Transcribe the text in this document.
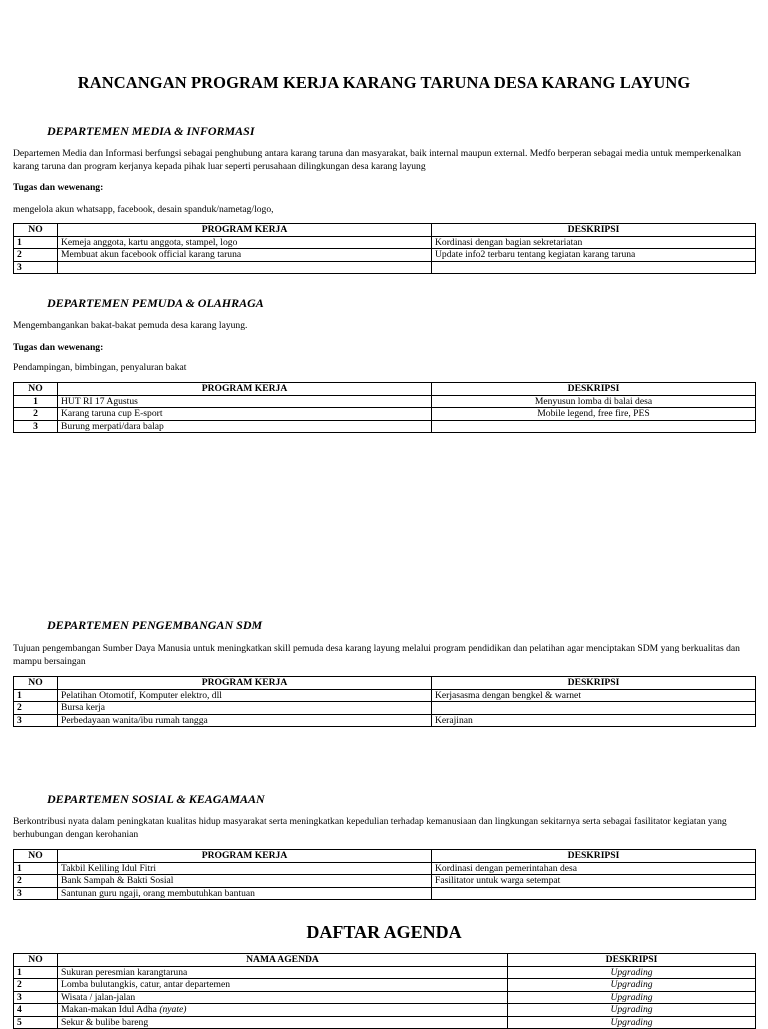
RANCANGAN PROGRAM KERJA KARANG TARUNA DESA KARANG LAYUNG
DEPARTEMEN MEDIA & INFORMASI
Departemen Media dan Informasi berfungsi sebagai penghubung antara karang taruna dan masyarakat, baik internal maupun external. Medfo berperan sebagai media untuk memperkenalkan karang taruna dan program kerjanya kepada pihak luar seperti perusahaan dilingkungan desa karang layung
Tugas dan wewenang:
mengelola akun whatsapp, facebook, desain spanduk/nametag/logo,
NO	PROGRAM KERJA	DESKRIPSI
1	Kemeja anggota, kartu anggota, stampel, logo	Kordinasi dengan bagian sekretariatan
2	Membuat akun facebook official karang taruna	Update info2 terbaru tentang kegiatan karang taruna
3		
DEPARTEMEN PEMUDA & OLAHRAGA
Mengembangankan bakat-bakat pemuda desa karang layung.
Tugas dan wewenang:
Pendampingan, bimbingan, penyaluran bakat
NO	PROGRAM KERJA	DESKRIPSI
1	HUT RI 17 Agustus	Menyusun lomba di balai desa
2	Karang taruna cup E-sport	Mobile legend, free fire, PES
3	Burung merpati/dara balap	
DEPARTEMEN PENGEMBANGAN SDM
Tujuan pengembangan Sumber Daya Manusia untuk meningkatkan skill pemuda desa karang layung melalui program pendidikan dan pelatihan agar menciptakan SDM yang berkualitas dan mampu bersaingan
NO	PROGRAM KERJA	DESKRIPSI
1	Pelatihan Otomotif, Komputer elektro, dll	Kerjasasma dengan bengkel & warnet
2	Bursa kerja	
3	Perbedayaan wanita/ibu rumah tangga	Kerajinan
DEPARTEMEN SOSIAL & KEAGAMAAN
Berkontribusi nyata dalam peningkatan kualitas hidup masyarakat serta meningkatkan kepedulian terhadap kemanusiaan dan lingkungan sekitarnya serta sebagai fasilitator kegiatan yang berhubungan dengan kerohanian
NO	PROGRAM KERJA	DESKRIPSI
1	Takbil Keliling Idul Fitri	Kordinasi dengan pemerintahan desa
2	Bank Sampah & Bakti Sosial	Fasilitator untuk warga setempat
3	Santunan guru ngaji, orang membutuhkan bantuan	
DAFTAR AGENDA
NO	NAMA AGENDA	DESKRIPSI
1	Sukuran peresmian karangtaruna	Upgrading
2	Lomba bulutangkis, catur, antar departemen	Upgrading
3	Wisata / jalan-jalan	Upgrading
4	Makan-makan Idul Adha (nyate)	Upgrading
5	Sekur & bulibe bareng	Upgrading
